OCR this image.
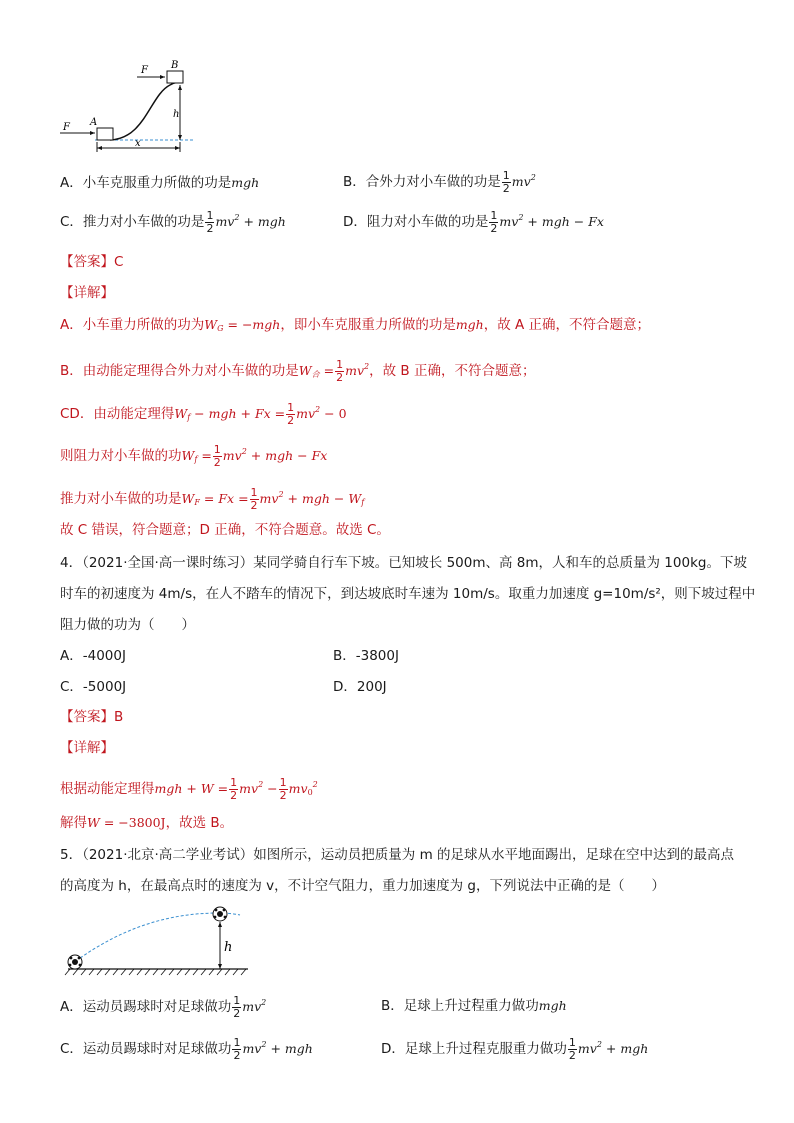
F A
F B
h
x
A．小车克服重力所做的功是mgh	B．合外力对小车做的功是 $\frac{1}{2} mv^2$
C．推力对小车做的功是 $\frac{1}{2} mv^2$ + mgh	D．阻力对小车做的功是 $\frac{1}{2} mv^2$ + mgh − Fx
【答案】C
【详解】
A．小车重力所做的功为$W_G = -mgh$，即小车克服重力所做的功是mgh，故 A 正确，不符合题意；
B．由动能定理得合外力对小车做的功是$W_合 = \frac{1}{2} mv^2$，故 B 正确，不符合题意；
CD．由动能定理得$W_f$ − mgh + $Fx = \frac{1}{2} mv^2 - 0$
则阻力对小车做的功$W_f = \frac{1}{2} mv^2$ + mgh − Fx
推力对小车做的功是$W_F = Fx = \frac{1}{2} mv^2$ + mgh − $W_f$
故 C 错误，符合题意；D 正确，不符合题意。故选 C。
4．（2021·全国·高一课时练习）某同学骑自行车下坡。已知坡长 500m、高 8m，人和车的总质量为 100kg。下坡
时车的初速度为 4m/s，在人不踏车的情况下，到达坡底时车速为 10m/s。取重力加速度 g=10m/s²，则下坡过程中
阻力做的功为（　　）
A．-4000J	B．-3800J
C．-5000J	D．200J
【答案】B
【详解】
根据动能定理得mgh + $W = \frac{1}{2} mv^2 - \frac{1}{2} mv_0^2$
解得W = −3800J，故选 B。
5．（2021·北京·高二学业考试）如图所示，运动员把质量为 m 的足球从水平地面踢出，足球在空中达到的最高点
的高度为 h，在最高点时的速度为 v，不计空气阻力，重力加速度为 g，下列说法中正确的是（　　）
h
A．运动员踢球时对足球做功 $\frac{1}{2} mv^2$	B．足球上升过程重力做功mgh
C．运动员踢球时对足球做功 $\frac{1}{2} mv^2$ + mgh	D．足球上升过程克服重力做功 $\frac{1}{2} mv^2$ + mgh
